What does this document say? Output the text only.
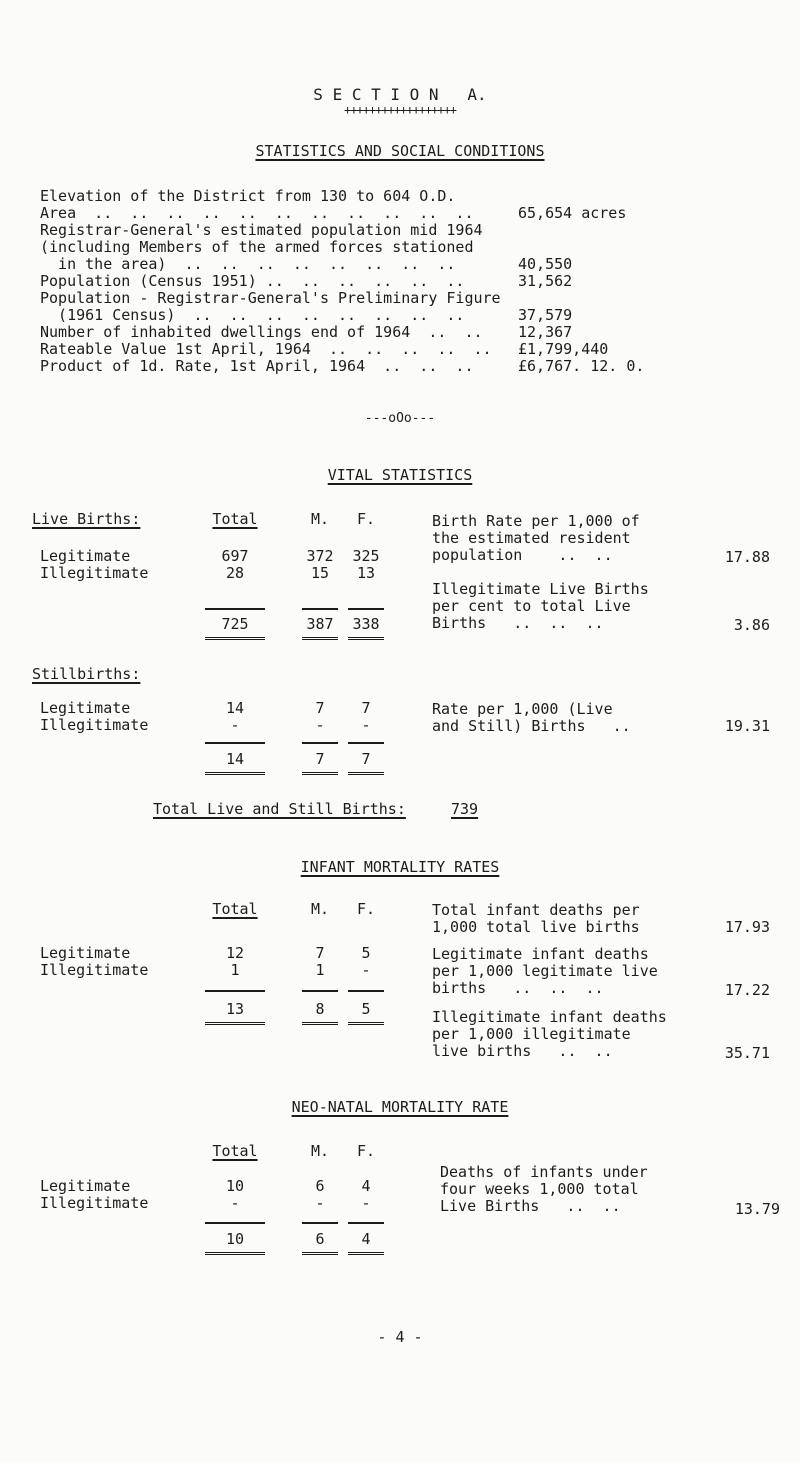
S E C T I O N   A.
++++++++++++++++++
STATISTICS AND SOCIAL CONDITIONS
Elevation of the District from 130 to 604 O.D.
Area  ..  ..  ..  ..  ..  ..  ..  ..  ..  ..  ..	65,654 acres
Registrar-General's estimated population mid 1964
(including Members of the armed forces stationed
in the area)  ..  ..  ..  ..  ..  ..  ..  ..	40,550
Population (Census 1951) ..  ..  ..  ..  ..  ..	31,562
Population - Registrar-General's Preliminary Figure
(1961 Census)  ..  ..  ..  ..  ..  ..  ..  ..	37,579
Number of inhabited dwellings end of 1964  ..  .. 12,367
Rateable Value 1st April, 1964  ..  ..  ..  ..  .. £1,799,440
Product of 1d. Rate, 1st April, 1964  ..  ..  ..	£6,767. 12. 0.
---oOo---
VITAL STATISTICS
Live Births:	Total	M.	F.
Legitimate	697	372	325
Illegitimate	28	15	13
725	387	338
Birth Rate per 1,000 of
the estimated resident
population    ..  ..	17.88
Illegitimate Live Births
per cent to total Live
Births   ..  ..  ..	3.86
Stillbirths:
Legitimate	14	7	7
Illegitimate	-	-	-
14	7	7
Rate per 1,000 (Live
and Still) Births   ..	19.31
Total Live and Still Births:	739
INFANT MORTALITY RATES
Total	M.	F.
Legitimate	12	7	5
Illegitimate	1	1	-
13	8	5
Total infant deaths per
1,000 total live births	17.93
Legitimate infant deaths
per 1,000 legitimate live
births   ..  ..  ..	17.22
Illegitimate infant deaths
per 1,000 illegitimate
live births   ..  ..	35.71
NEO-NATAL MORTALITY RATE
Total	M.	F.
Legitimate	10	6	4
Illegitimate	-	-	-
10	6	4
Deaths of infants under
four weeks 1,000 total
Live Births   ..  ..	13.79
- 4 -
